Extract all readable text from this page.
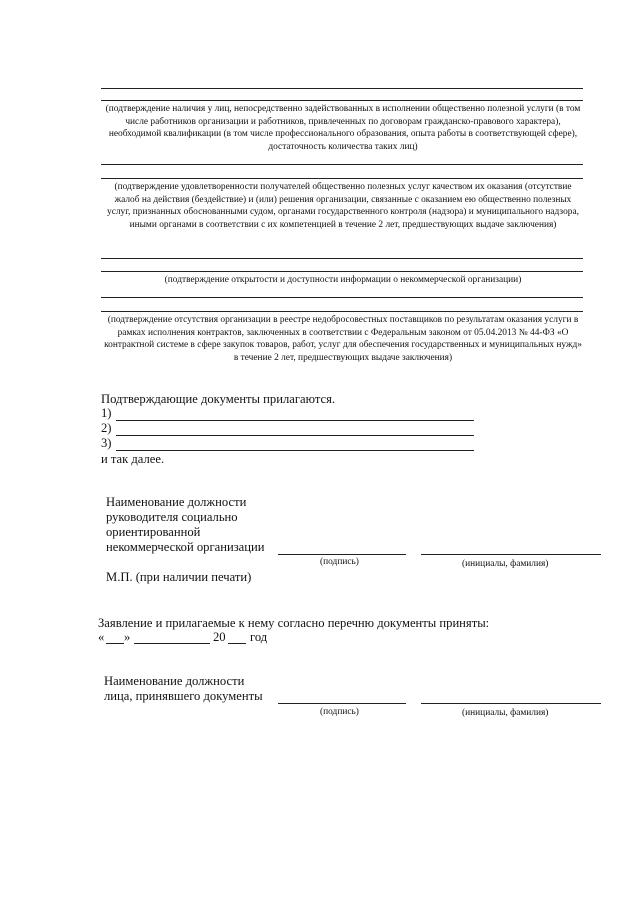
(подтверждение наличия у лиц, непосредственно задействованных в исполнении общественно полезной услуги (в том числе работников организации и работников, привлеченных по договорам гражданско-правового характера), необходимой квалификации (в том числе профессионального образования, опыта работы в соответствующей сфере), достаточность количества таких лиц)
(подтверждение удовлетворенности получателей общественно полезных услуг качеством их оказания (отсутствие жалоб на действия (бездействие) и (или) решения организации, связанные с оказанием ею общественно полезных услуг, признанных обоснованными судом, органами государственного контроля (надзора) и муниципального надзора, иными органами в соответствии с их компетенцией в течение 2 лет, предшествующих выдаче заключения)
(подтверждение открытости и доступности информации о некоммерческой организации)
(подтверждение отсутствия организации в реестре недобросовестных поставщиков по результатам оказания услуги в рамках исполнения контрактов, заключенных в соответствии с Федеральным законом от 05.04.2013 № 44-ФЗ «О контрактной системе в сфере закупок товаров, работ, услуг для обеспечения государственных и муниципальных нужд» в течение 2 лет, предшествующих выдаче заключения)
Подтверждающие документы прилагаются.
1)
2)
3)
и так далее.
Наименование должности
руководителя социально
ориентированной
некоммерческой организации
(подпись)	(инициалы, фамилия)
М.П. (при наличии печати)
Заявление и прилагаемые к нему согласно перечню документы приняты:
« »	20 год
Наименование должности
лица, принявшего документы
(подпись)	(инициалы, фамилия)
